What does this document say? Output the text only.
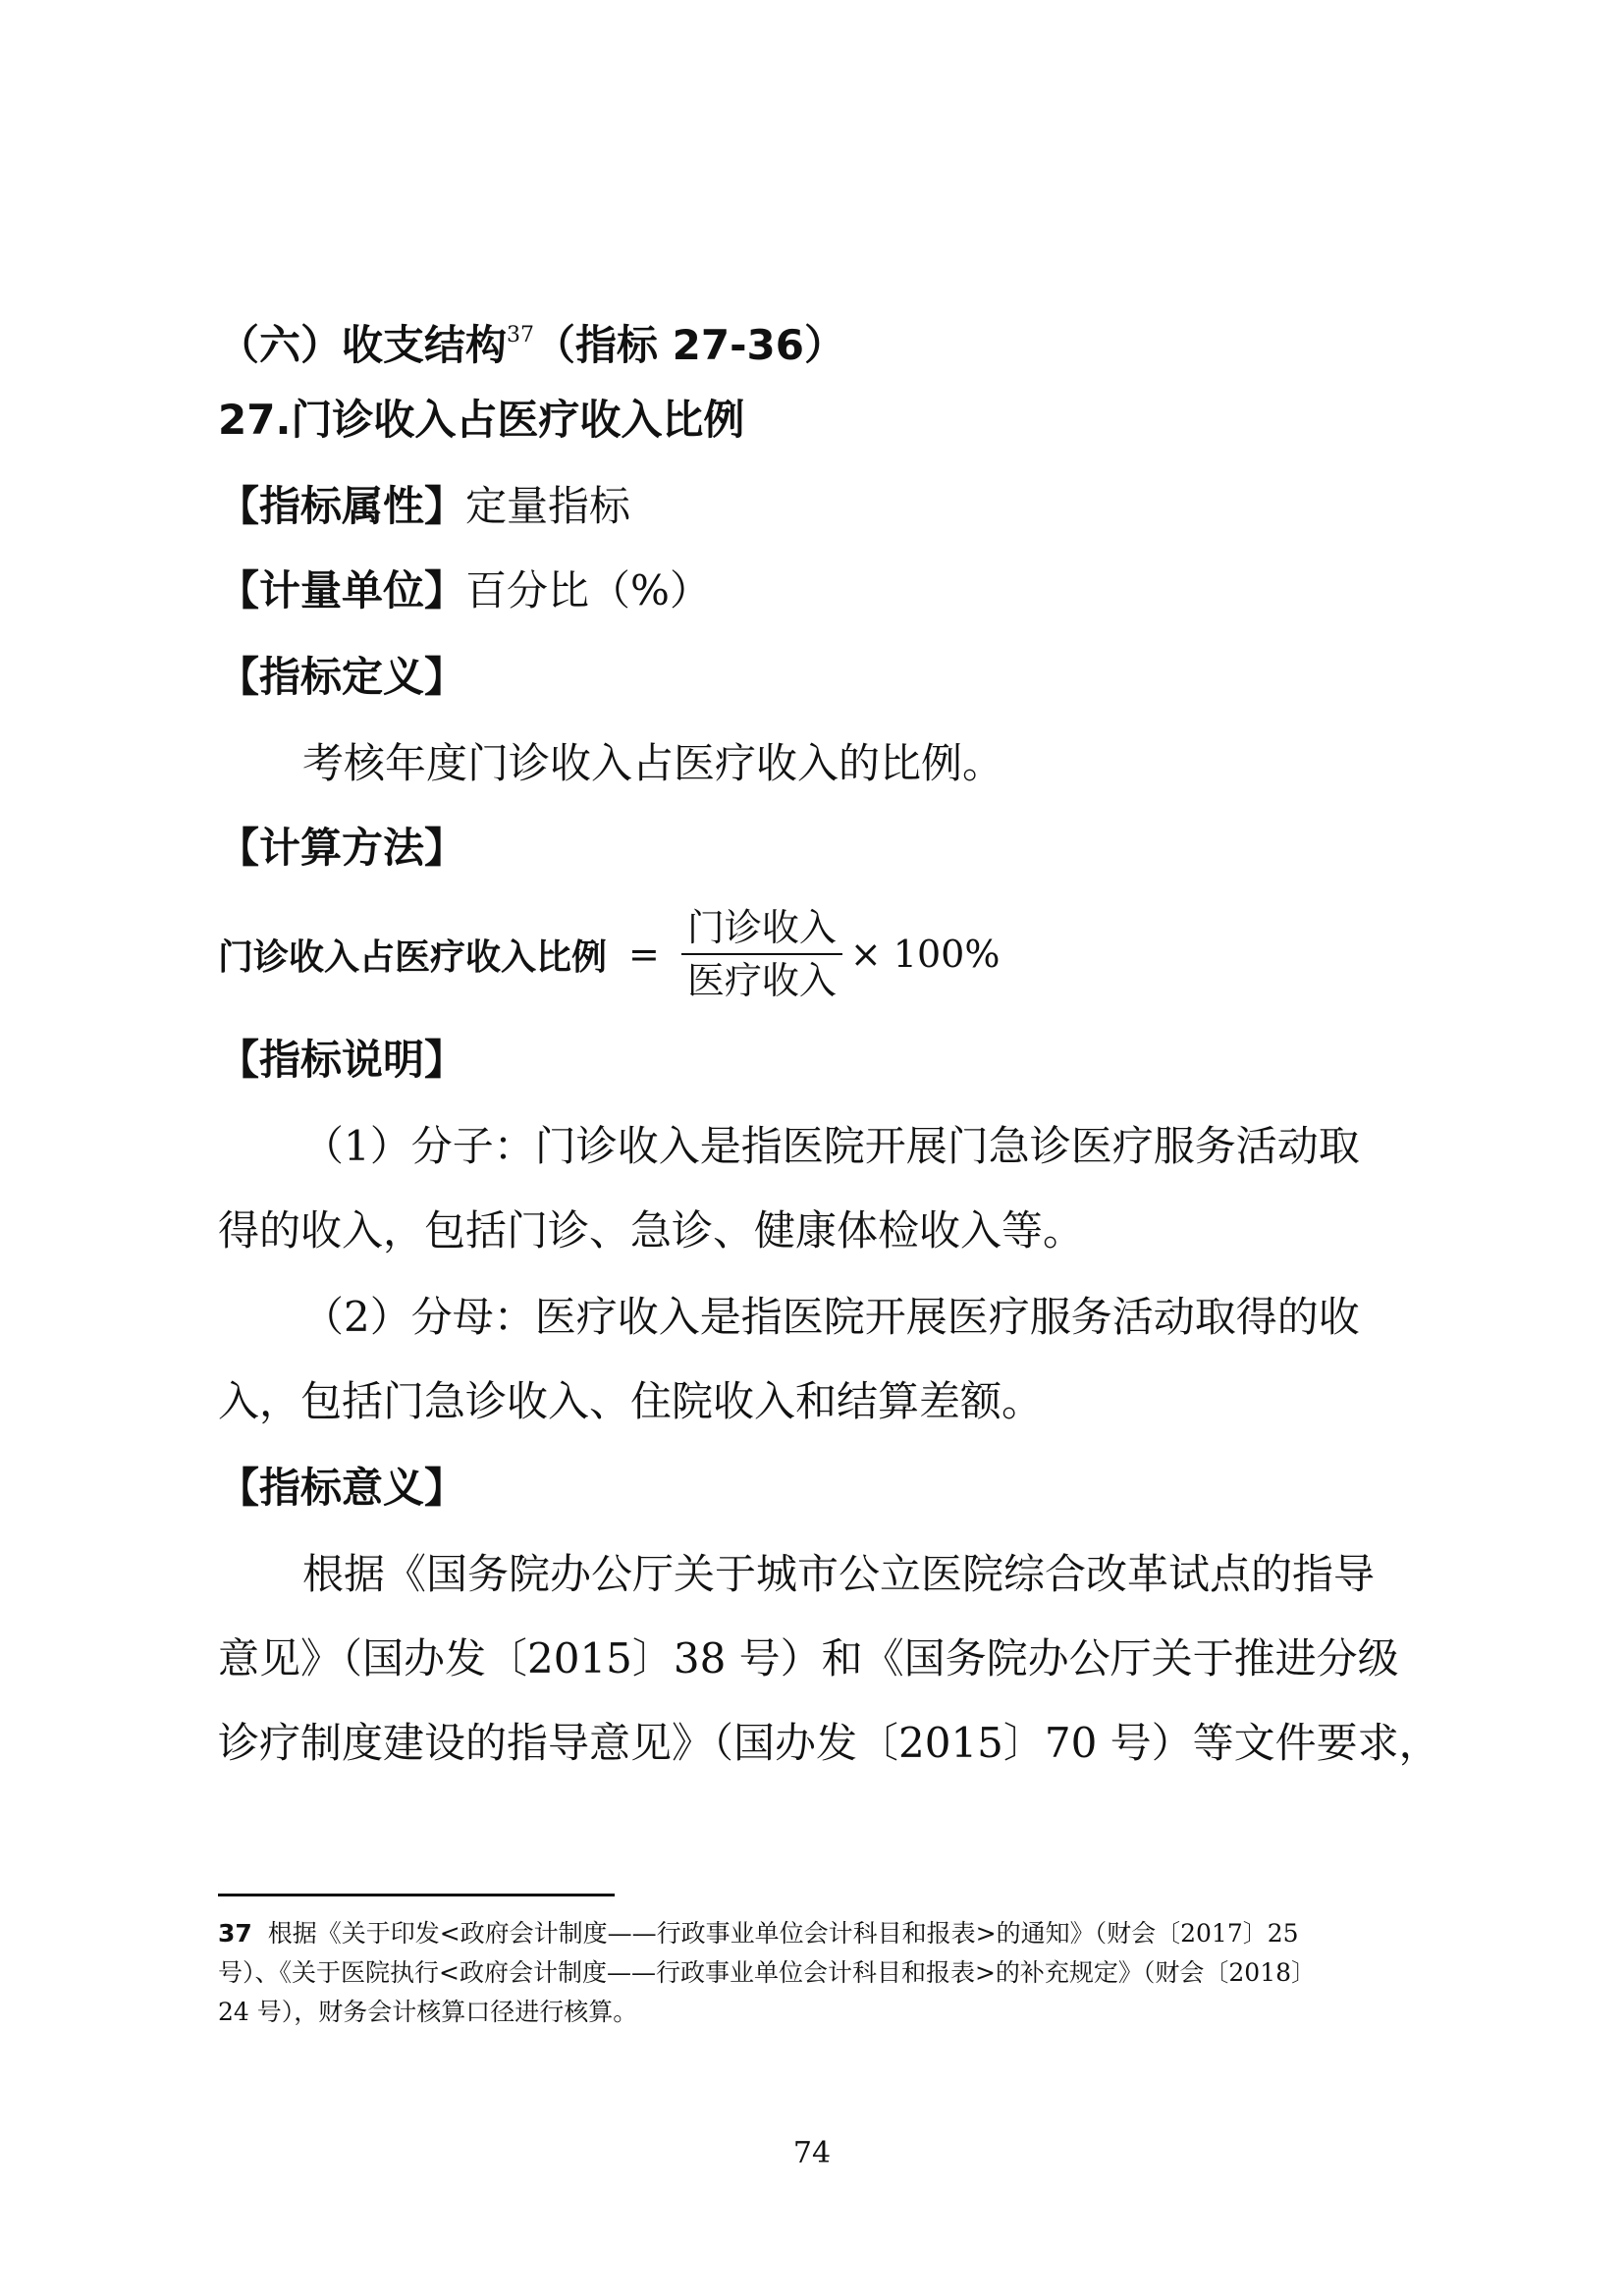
（六）收支结构$^{37}$（指标 27-36）
27.门诊收入占医疗收入比例
【指标属性】定量指标
【计量单位】百分比（%）
【指标定义】
考核年度门诊收入占医疗收入的比例。
【计算方法】
门诊收入占医疗收入比例 = $\frac{\text{门诊收入}}{\text{医疗收入}} \times 100\%$
【指标说明】
（1）分子：门诊收入是指医院开展门急诊医疗服务活动取
得的收入，包括门诊、急诊、健康体检收入等。
（2）分母：医疗收入是指医院开展医疗服务活动取得的收
入，包括门急诊收入、住院收入和结算差额。
【指标意义】
根据《国务院办公厅关于城市公立医院综合改革试点的指导
意见》（国办发〔2015〕38 号）和《国务院办公厅关于推进分级
诊疗制度建设的指导意见》（国办发〔2015〕70 号）等文件要求，
37 根据《关于印发<政府会计制度——行政事业单位会计科目和报表>的通知》（财会〔2017〕25
号）、《关于医院执行<政府会计制度——行政事业单位会计科目和报表>的补充规定》（财会〔2018〕
24 号），财务会计核算口径进行核算。
74
